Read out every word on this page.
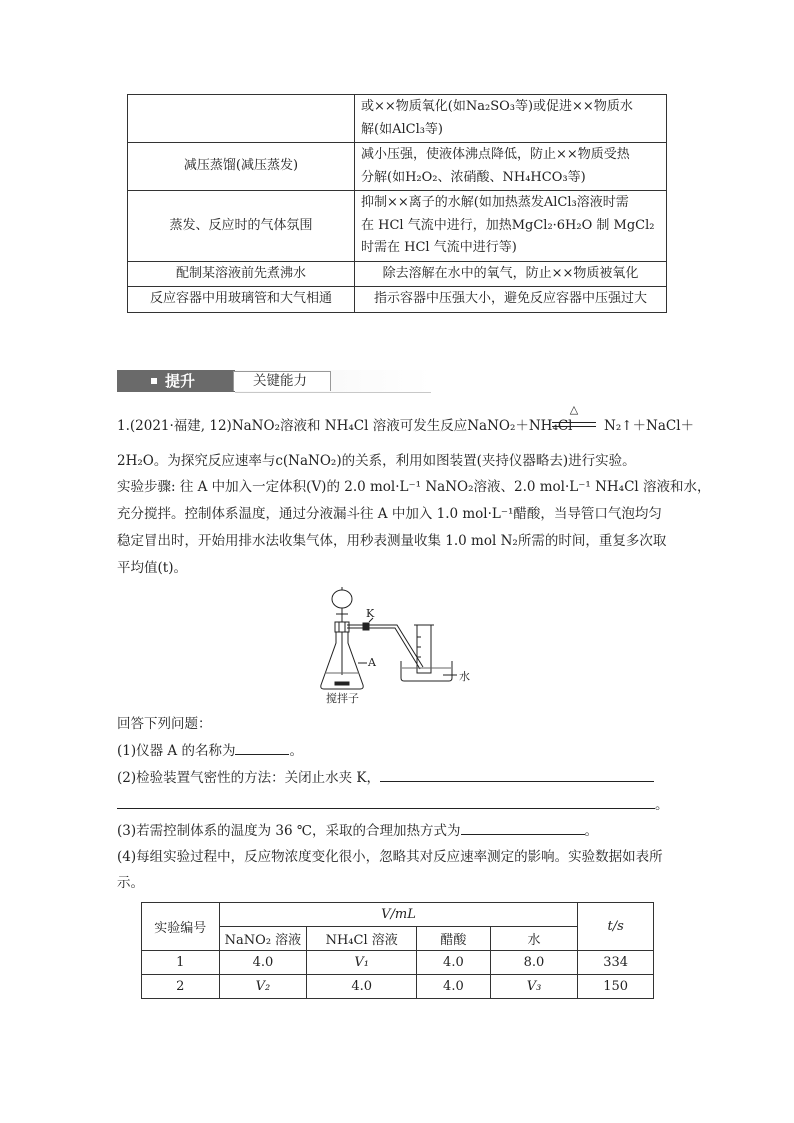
	或××物质氧化(如Na₂SO₃等)或促进××物质水
解(如AlCl₃等)

减压蒸馏(减压蒸发)	减小压强，使液体沸点降低，防止××物质受热
分解(如H₂O₂、浓硝酸、NH₄HCO₃等)

蒸发、反应时的气体氛围	抑制××离子的水解(如加热蒸发AlCl₃溶液时需
在 HCl 气流中进行，加热MgCl₂·6H₂O 制 MgCl₂
时需在 HCl 气流中进行等)

配制某溶液前先煮沸水	除去溶解在水中的氧气，防止××物质被氧化

反应容器中用玻璃管和大气相通	指示容器中压强大小，避免反应容器中压强过大
提升	关键能力
1.(2021·福建, 12)NaNO₂溶液和 NH₄Cl 溶液可发生反应NaNO₂＋NH₄Cl
△
N₂↑＋NaCl＋
2H₂O。为探究反应速率与c(NaNO₂)的关系，利用如图装置(夹持仪器略去)进行实验。
实验步骤: 往 A 中加入一定体积(V)的 2.0 mol·L⁻¹ NaNO₂溶液、2.0 mol·L⁻¹ NH₄Cl 溶液和水，
充分搅拌。控制体系温度，通过分液漏斗往 A 中加入 1.0 mol·L⁻¹醋酸，当导管口气泡均匀
稳定冒出时，开始用排水法收集气体，用秒表测量收集 1.0 mol N₂所需的时间，重复多次取
平均值(t)。
K
A
水
搅拌子
回答下列问题：
(1)仪器 A 的名称为	。
(2)检验装置气密性的方法：关闭止水夹 K，
。
(3)若需控制体系的温度为 36 ℃，采取的合理加热方式为	。
(4)每组实验过程中，反应物浓度变化很小，忽略其对反应速率测定的影响。实验数据如表所
示。
实验编号	V/mL				t/s
	NaNO₂ 溶液	NH₄Cl 溶液	醋酸	水	
1	4.0	V₁	4.0	8.0	334
2	V₂	4.0	4.0	V₃	150
